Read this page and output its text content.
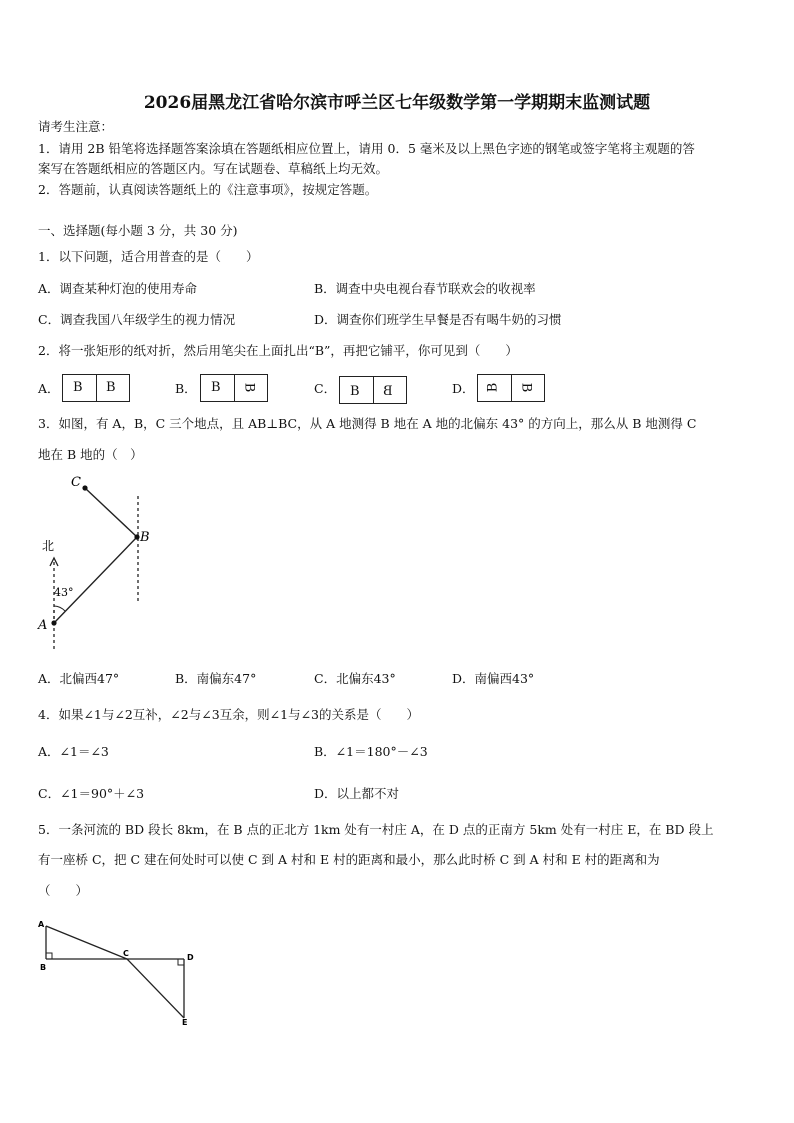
2026届黑龙江省哈尔滨市呼兰区七年级数学第一学期期末监测试题
请考生注意：
1．请用 2B 铅笔将选择题答案涂填在答题纸相应位置上，请用 0．5 毫米及以上黑色字迹的钢笔或签字笔将主观题的答
案写在答题纸相应的答题区内。写在试题卷、草稿纸上均无效。
2．答题前，认真阅读答题纸上的《注意事项》，按规定答题。
一、选择题(每小题 3 分，共 30 分)
1．以下问题，适合用普查的是（　　）
A．调查某种灯泡的使用寿命	B．调查中央电视台春节联欢会的收视率
C．调查我国八年级学生的视力情况	D．调查你们班学生早餐是否有喝牛奶的习惯
2．将一张矩形的纸对折，然后用笔尖在上面扎出“B”，再把它铺平，你可见到（　　）
A． B B	B． B B	C． B B	D． B B
3．如图，有 A，B，C 三个地点，且 AB⊥BC，从 A 地测得 B 地在 A 地的北偏东 43° 的方向上，那么从 B 地测得 C
地在 B 地的（　）
C
B
A
北
43°
A．北偏西47°	B．南偏东47°	C．北偏东43°	D．南偏西43°
4．如果∠1与∠2互补，∠2与∠3互余，则∠1与∠3的关系是（　　）
A．∠1＝∠3	B．∠1＝180°－∠3
C．∠1＝90°＋∠3	D．以上都不对
5．一条河流的 BD 段长 8km，在 B 点的正北方 1km 处有一村庄 A，在 D 点的正南方 5km 处有一村庄 E，在 BD 段上
有一座桥 C，把 C 建在何处时可以使 C 到 A 村和 E 村的距离和最小，那么此时桥 C 到 A 村和 E 村的距离和为
（　　）
A
B
C	D
E
